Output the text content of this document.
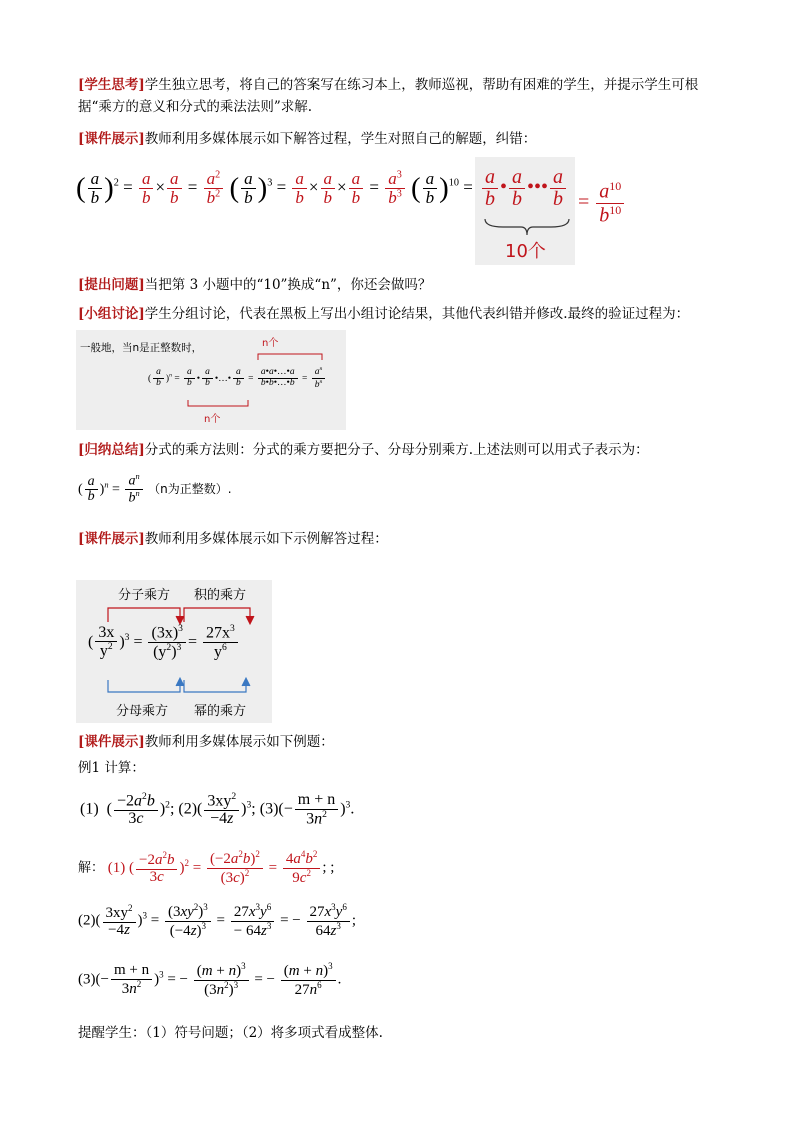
[学生思考]学生独立思考，将自己的答案写在练习本上，教师巡视，帮助有困难的学生，并提示学生可根据“乘方的意义和分式的乘法法则”求解.
[课件展示]教师利用多媒体展示如下解答过程，学生对照自己的解题，纠错：
( $\frac{a}{b} )^2 = \frac{a}{b} \times \frac{a}{b} = \frac{a^2}{b^2}$ ( $\frac{a}{b} )^3 = \frac{a}{b} \times \frac{a}{b} \times \frac{a}{b} = \frac{a^3}{b^3}$ ( $\frac{a}{b} )^{10} = \frac{a}{b}$ • $\frac{a}{b}$ ••• $\frac{a}{b}$
10个
= $\frac{a^{10}}{b^{10}}$
[提出问题]当把第 3 小题中的“10”换成“n”，你还会做吗？
[小组讨论]学生分组讨论，代表在黑板上写出小组讨论结果，其他代表纠错并修改.最终的验证过程为：
一般地，当n是正整数时，	n个
( $\frac{a}{b} )^n = \frac{a}{b}$ • $\frac{a}{b}$ •…• $\frac{a}{b} = \frac{a•a•\dots•a}{b•b•\dots•b} = \frac{a^n}{b^n}$
n个
[归纳总结]分式的乘方法则：分式的乘方要把分子、分母分别乘方.上述法则可以用式子表示为：
( $\frac{a}{b} )^n = \frac{a^n}{b^n} (n$为正整数）.
[课件展示]教师利用多媒体展示如下示例解答过程：
分子乘方 积的乘方
( $\frac{3x}{y^2} )^3 = \frac{(3x)^3}{(y^2)^3} = \frac{27x^3}{y^6}$
分母乘方 幂的乘方
[课件展示]教师利用多媒体展示如下例题：
例1 计算：
(1)  ( $\frac{-2a^2b}{3c} )^2$; $(2)( \frac{3xy^2}{-4z} )^3$; $(3)(- \frac{m + n}{3n^2} )^3$.
解： (1) ( $\frac{-2a^2b}{3c} )^2 = \frac{(-2a^2b)^2}{(3c)^2} = \frac{4a^4b^2}{9c^2}$ ; ;
$(2)( \frac{3xy^2}{-4z} )^3 = \frac{(3xy^2)^3}{(-4z)^3} = \frac{27x^3y^6}{- 64z^3}$ = − $\frac{27x^3y^6}{64z^3}$ ;
$(3)(- \frac{m + n}{3n^2} )^3$ = − $\frac{(m + n)^3}{(3n^2)^3}$ = − $\frac{(m + n)^3}{27n^6}$ .
提醒学生：（1）符号问题；（2）将多项式看成整体.
